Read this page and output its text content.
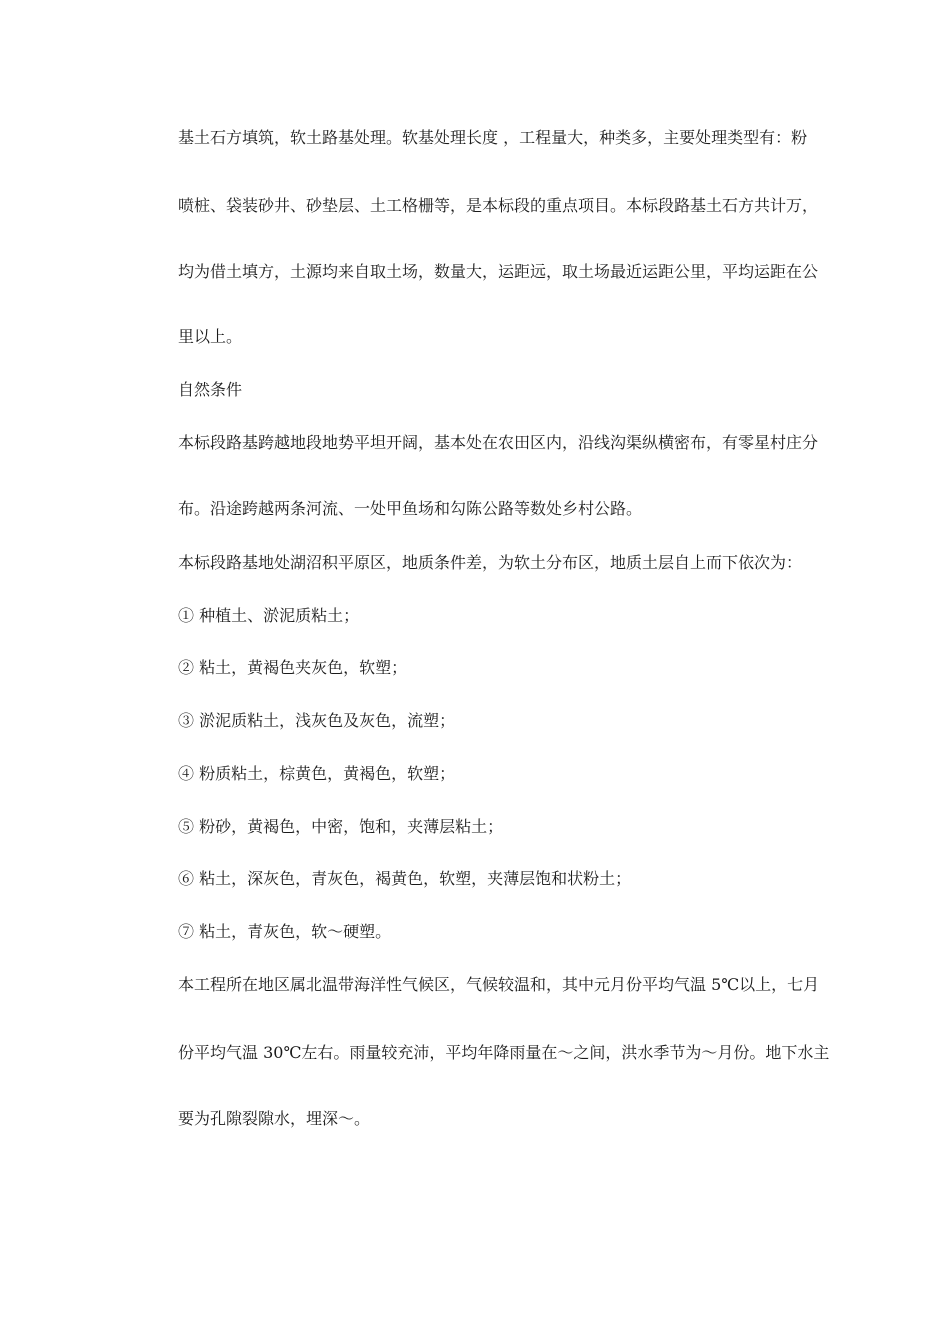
基土石方填筑，软土路基处理。软基处理长度 ，工程量大，种类多，主要处理类型有：粉
喷桩、袋装砂井、砂垫层、土工格栅等，是本标段的重点项目。本标段路基土石方共计万，
均为借土填方，土源均来自取土场，数量大，运距远，取土场最近运距公里，平均运距在公
里以上。
自然条件
本标段路基跨越地段地势平坦开阔，基本处在农田区内，沿线沟渠纵横密布，有零星村庄分
布。沿途跨越两条河流、一处甲鱼场和勾陈公路等数处乡村公路。
本标段路基地处湖沼积平原区，地质条件差，为软土分布区，地质土层自上而下依次为：
① 种植土、淤泥质粘土；
② 粘土，黄褐色夹灰色，软塑；
③ 淤泥质粘土，浅灰色及灰色，流塑；
④ 粉质粘土，棕黄色，黄褐色，软塑；
⑤ 粉砂，黄褐色，中密，饱和，夹薄层粘土；
⑥ 粘土，深灰色，青灰色，褐黄色，软塑，夹薄层饱和状粉土；
⑦ 粘土，青灰色，软～硬塑。
本工程所在地区属北温带海洋性气候区，气候较温和，其中元月份平均气温 5℃以上，七月
份平均气温 30℃左右。雨量较充沛，平均年降雨量在～之间，洪水季节为～月份。地下水主
要为孔隙裂隙水，埋深～。
